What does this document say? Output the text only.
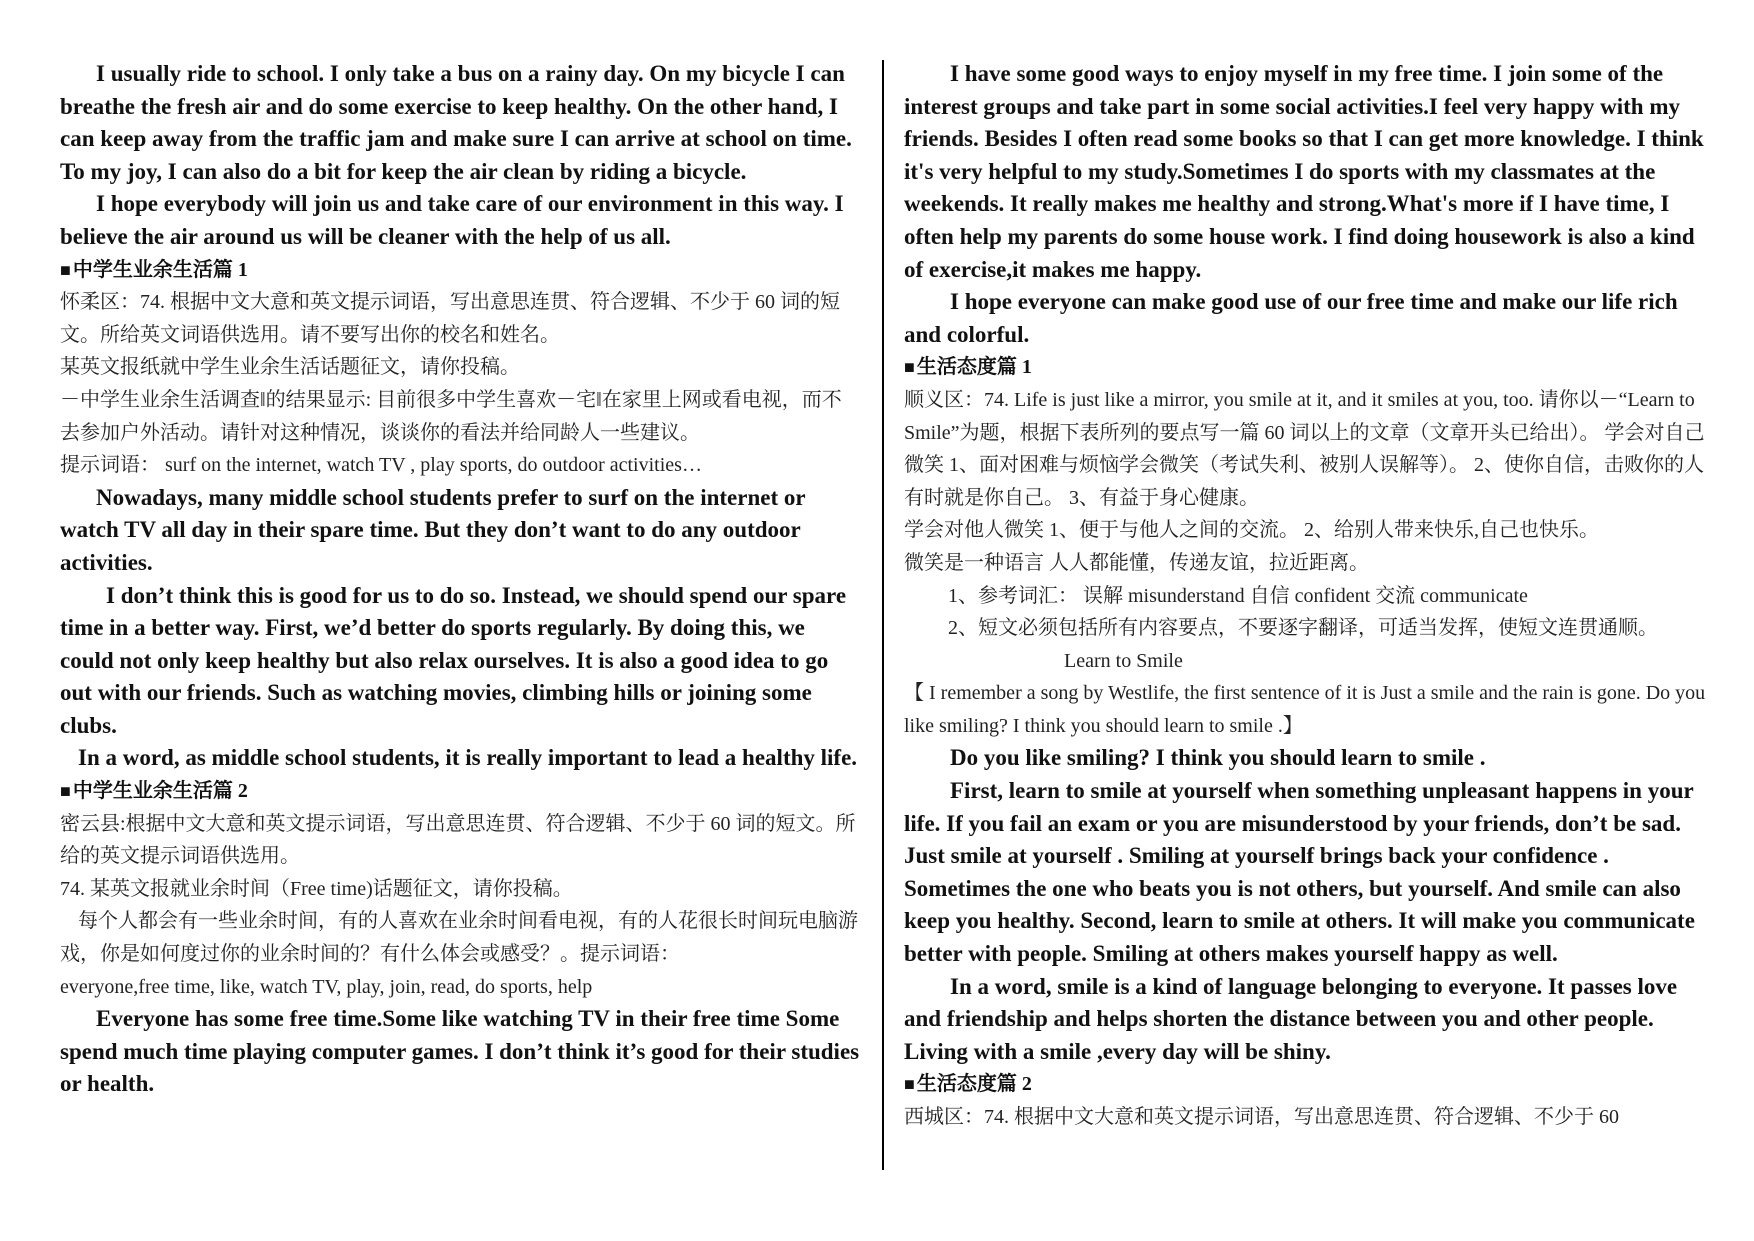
I usually ride to school. I only take a bus on a rainy day. On my bicycle I can breathe the fresh air and do some exercise to keep healthy. On the other hand, I can keep away from the traffic jam and make sure I can arrive at school on time. To my joy, I can also do a bit for keep the air clean by riding a bicycle.

I hope everybody will join us and take care of our environment in this way. I believe the air around us will be cleaner with the help of us all.

■ 中学生业余生活篇 1

怀柔区：74. 根据中文大意和英文提示词语，写出意思连贯、符合逻辑、不少于 60 词的短文。所给英文词语供选用。请不要写出你的校名和姓名。

某英文报纸就中学生业余生活话题征文，请你投稿。

－中学生业余生活调查‖的结果显示: 目前很多中学生喜欢－宅‖在家里上网或看电视，而不去参加户外活动。请针对这种情况，谈谈你的看法并给同龄人一些建议。

提示词语： surf on the internet, watch TV , play sports, do outdoor activities…

Nowadays, many middle school students prefer to surf on the internet or watch TV all day in their spare time. But they don’t want to do any outdoor activities.

I don’t think this is good for us to do so. Instead, we should spend our spare time in a better way. First, we’d better do sports regularly. By doing this, we could not only keep healthy but also relax ourselves. It is also a good idea to go out with our friends. Such as watching movies, climbing hills or joining some clubs.

In a word, as middle school students, it is really important to lead a healthy life.

■ 中学生业余生活篇 2

密云县:根据中文大意和英文提示词语，写出意思连贯、符合逻辑、不少于 60 词的短文。所给的英文提示词语供选用。

74. 某英文报就业余时间（Free time)话题征文，请你投稿。

每个人都会有一些业余时间，有的人喜欢在业余时间看电视，有的人花很长时间玩电脑游戏，你是如何度过你的业余时间的？有什么体会或感受？。提示词语：

everyone,free time, like, watch TV, play, join, read, do sports, help

Everyone has some free time.Some like watching TV in their free time Some spend much time playing computer games. I don’t think it’s good for their studies or health.

I have some good ways to enjoy myself in my free time. I join some of the interest groups and take part in some social activities.I feel very happy with my friends. Besides I often read some books so that I can get more knowledge. I think it's very helpful to my study.Sometimes I do sports with my classmates at the weekends. It really makes me healthy and strong.What's more if I have time, I often help my parents do some house work. I find doing housework is also a kind of exercise,it makes me happy.

I hope everyone can make good use of our free time and make our life rich and colorful.

■ 生活态度篇 1

顺义区：74. Life is just like a mirror, you smile at it, and it smiles at you, too. 请你以－“Learn to Smile”为题，根据下表所列的要点写一篇 60 词以上的文章（文章开头已给出）。 学会对自己微笑 1、面对困难与烦恼学会微笑（考试失利、被别人误解等）。 2、使你自信，击败你的人有时就是你自己。 3、有益于身心健康。

学会对他人微笑 1、便于与他人之间的交流。 2、给别人带来快乐,自己也快乐。

微笑是一种语言 人人都能懂，传递友谊，拉近距离。

1、参考词汇： 误解 misunderstand 自信 confident 交流 communicate

2、短文必须包括所有内容要点，不要逐字翻译，可适当发挥，使短文连贯通顺。

Learn to Smile

【 I remember a song by Westlife, the first sentence of it is Just a smile and the rain is gone. Do you like smiling? I think you should learn to smile .】

Do you like smiling? I think you should learn to smile .

First, learn to smile at yourself when something unpleasant happens in your life. If you fail an exam or you are misunderstood by your friends, don’t be sad. Just smile at yourself . Smiling at yourself brings back your confidence . Sometimes the one who beats you is not others, but yourself. And smile can also keep you healthy. Second, learn to smile at others. It will make you communicate better with people. Smiling at others makes yourself happy as well.

In a word, smile is a kind of language belonging to everyone. It passes love and friendship and helps shorten the distance between you and other people. Living with a smile ,every day will be shiny.

■ 生活态度篇 2

西城区：74. 根据中文大意和英文提示词语，写出意思连贯、符合逻辑、不少于 60
